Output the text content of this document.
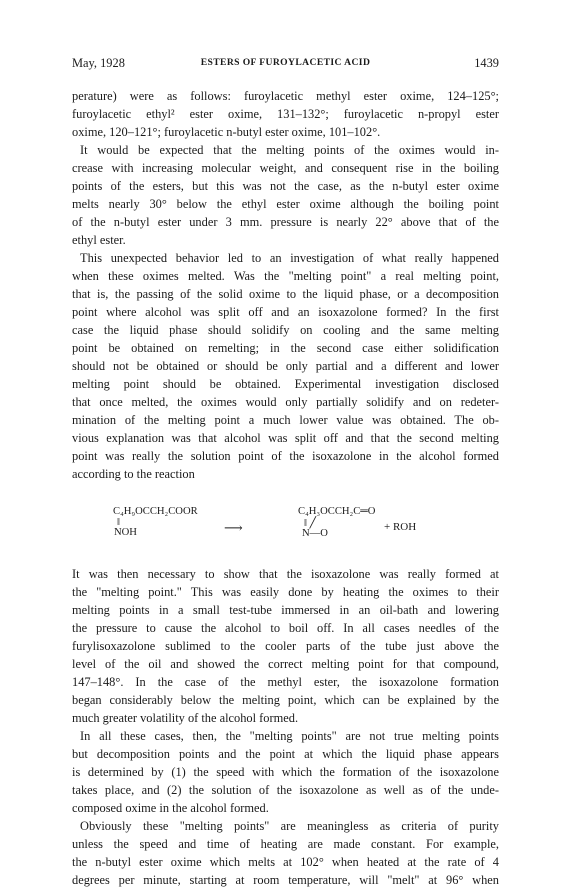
May, 1928	ESTERS OF FUROYLACETIC ACID	1439
perature) were as follows: furoylacetic methyl ester oxime, 124–125°;
furoylacetic ethyl² ester oxime, 131–132°; furoylacetic n-propyl ester
oxime, 120–121°; furoylacetic n-butyl ester oxime, 101–102°.
It would be expected that the melting points of the oximes would in-
crease with increasing molecular weight, and consequent rise in the boiling
points of the esters, but this was not the case, as the n-butyl ester oxime
melts nearly 30° below the ethyl ester oxime although the boiling point
of the n-butyl ester under 3 mm. pressure is nearly 22° above that of the
ethyl ester.
This unexpected behavior led to an investigation of what really happened
when these oximes melted. Was the "melting point" a real melting point,
that is, the passing of the solid oxime to the liquid phase, or a decomposition
point where alcohol was split off and an isoxazolone formed? In the first
case the liquid phase should solidify on cooling and the same melting
point be obtained on remelting; in the second case either solidification
should not be obtained or should be only partial and a different and lower
melting point should be obtained. Experimental investigation disclosed
that once melted, the oximes would only partially solidify and on redeter-
mination of the melting point a much lower value was obtained. The ob-
vious explanation was that alcohol was split off and that the second melting
point was really the solution point of the isoxazolone in the alcohol formed
according to the reaction
C₄H₉OCCH₂COOR
‖
NOH	⟶
C₄H₃OCCH₂C═O
‖ ╱
N—O
+ ROH
It was then necessary to show that the isoxazolone was really formed at
the "melting point." This was easily done by heating the oximes to their
melting points in a small test-tube immersed in an oil-bath and lowering
the pressure to cause the alcohol to boil off. In all cases needles of the
furylisoxazolone sublimed to the cooler parts of the tube just above the
level of the oil and showed the correct melting point for that compound,
147–148°. In the case of the methyl ester, the isoxazolone formation
began considerably below the melting point, which can be explained by the
much greater volatility of the alcohol formed.
In all these cases, then, the "melting points" are not true melting points
but decomposition points and the point at which the liquid phase appears
is determined by (1) the speed with which the formation of the isoxazolone
takes place, and (2) the solution of the isoxazolone as well as of the unde-
composed oxime in the alcohol formed.
Obviously these "melting points" are meaningless as criteria of purity
unless the speed and time of heating are made constant. For example,
the n-butyl ester oxime which melts at 102° when heated at the rate of 4
degrees per minute, starting at room temperature, will "melt" at 96° when
